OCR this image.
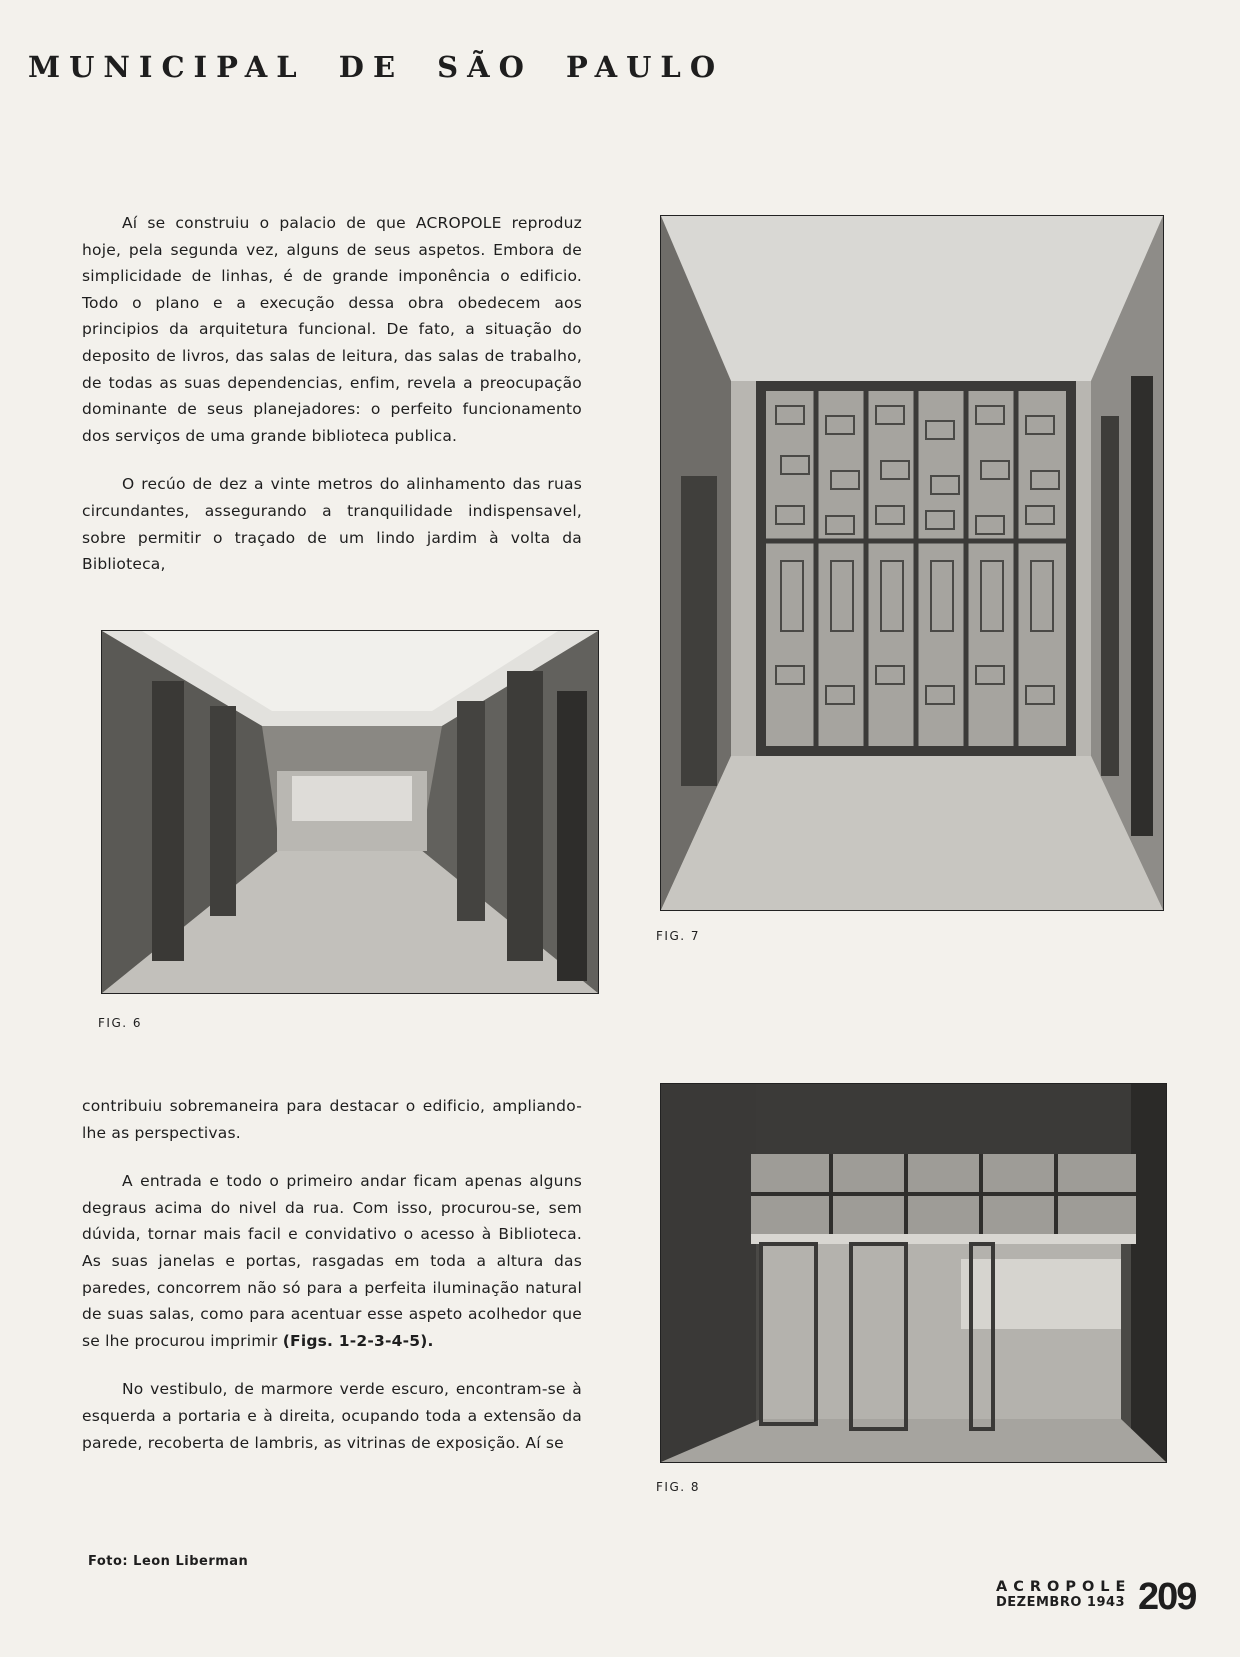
MUNICIPAL DE SÃO PAULO

Aí se construiu o palacio de que ACROPOLE reproduz hoje, pela segunda vez, alguns de seus aspetos. Embora de simplicidade de linhas, é de grande imponência o edificio. Todo o plano e a execução dessa obra obedecem aos principios da arquitetura funcional. De fato, a situação do deposito de livros, das salas de leitura, das salas de trabalho, de todas as suas dependencias, enfim, revela a preocupação dominante de seus planejadores: o perfeito funcionamento dos serviços de uma grande biblioteca publica.

O recúo de dez a vinte metros do alinhamento das ruas circundantes, assegurando a tranquilidade indispensavel, sobre permitir o traçado de um lindo jardim à volta da Biblioteca,

FIG. 7
FIG. 6

contribuiu sobremaneira para destacar o edificio, ampliando-lhe as perspectivas.

A entrada e todo o primeiro andar ficam apenas alguns degraus acima do nivel da rua. Com isso, procurou-se, sem dúvida, tornar mais facil e convidativo o acesso à Biblioteca. As suas janelas e portas, rasgadas em toda a altura das paredes, concorrem não só para a perfeita iluminação natural de suas salas, como para acentuar esse aspeto acolhedor que se lhe procurou imprimir (Figs. 1-2-3-4-5).

No vestibulo, de marmore verde escuro, encontram-se à esquerda a portaria e à direita, ocupando toda a extensão da parede, recoberta de lambris, as vitrinas de exposição. Aí se

FIG. 8
Foto: Leon Liberman
ACROPOLE
DEZEMBRO 1943 209
